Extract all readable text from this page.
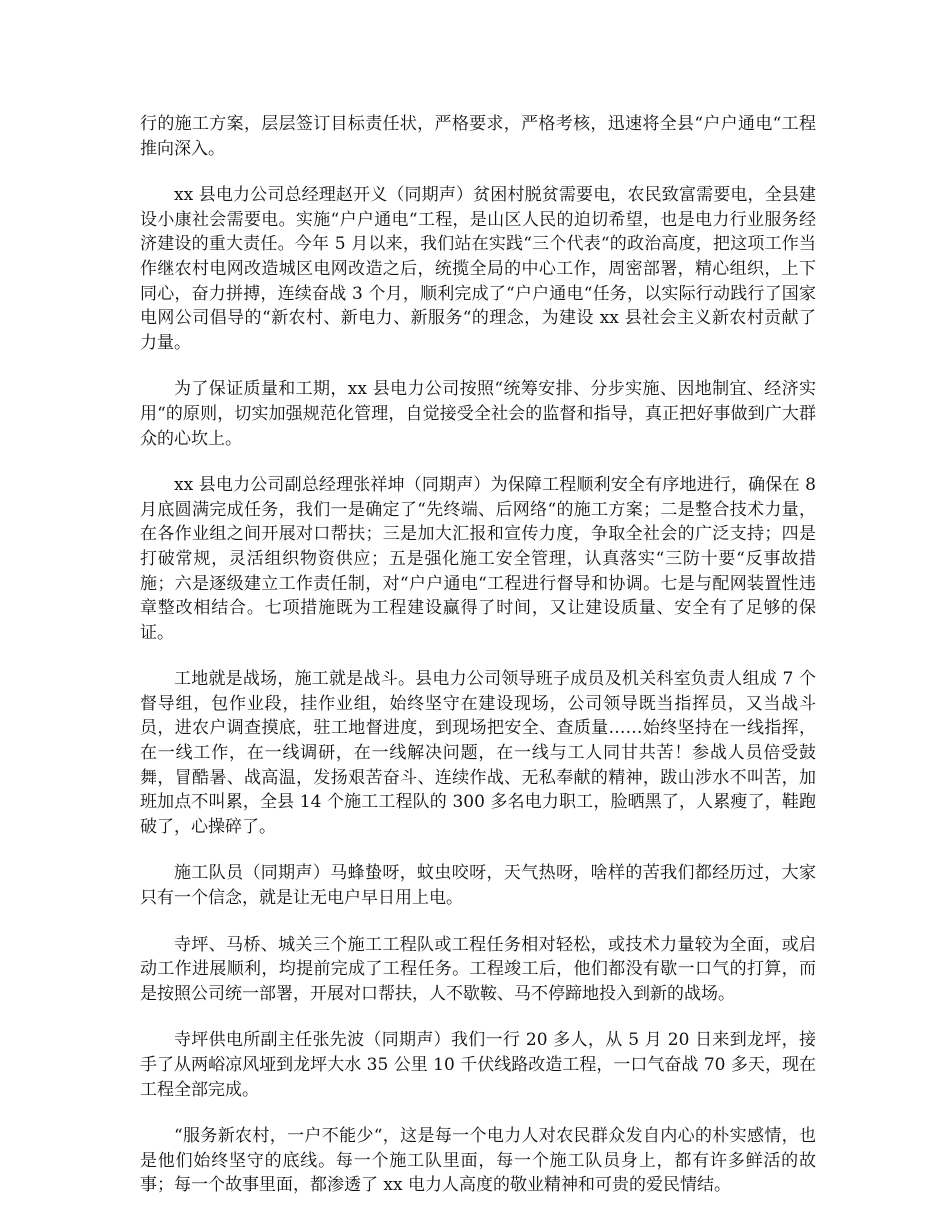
行的施工方案，层层签订目标责任状，严格要求，严格考核，迅速将全县“户户通电“工程推向深入。

xx 县电力公司总经理赵开义（同期声）贫困村脱贫需要电，农民致富需要电，全县建设小康社会需要电。实施“户户通电“工程，是山区人民的迫切希望，也是电力行业服务经济建设的重大责任。今年 5 月以来，我们站在实践“三个代表“的政治高度，把这项工作当作继农村电网改造城区电网改造之后，统揽全局的中心工作，周密部署，精心组织，上下同心，奋力拼搏，连续奋战 3 个月，顺利完成了“户户通电“任务，以实际行动践行了国家电网公司倡导的“新农村、新电力、新服务“的理念，为建设 xx 县社会主义新农村贡献了力量。

为了保证质量和工期，xx 县电力公司按照“统筹安排、分步实施、因地制宜、经济实用“的原则，切实加强规范化管理，自觉接受全社会的监督和指导，真正把好事做到广大群众的心坎上。

xx 县电力公司副总经理张祥坤（同期声）为保障工程顺利安全有序地进行，确保在 8 月底圆满完成任务，我们一是确定了“先终端、后网络“的施工方案；二是整合技术力量，在各作业组之间开展对口帮扶；三是加大汇报和宣传力度，争取全社会的广泛支持；四是打破常规，灵活组织物资供应；五是强化施工安全管理，认真落实“三防十要“反事故措施；六是逐级建立工作责任制，对“户户通电“工程进行督导和协调。七是与配网装置性违章整改相结合。七项措施既为工程建设赢得了时间，又让建设质量、安全有了足够的保证。

工地就是战场，施工就是战斗。县电力公司领导班子成员及机关科室负责人组成 7 个督导组，包作业段，挂作业组，始终坚守在建设现场，公司领导既当指挥员，又当战斗员，进农户调查摸底，驻工地督进度，到现场把安全、查质量……始终坚持在一线指挥，在一线工作，在一线调研，在一线解决问题，在一线与工人同甘共苦！参战人员倍受鼓舞，冒酷暑、战高温，发扬艰苦奋斗、连续作战、无私奉献的精神，跋山涉水不叫苦，加班加点不叫累，全县 14 个施工工程队的 300 多名电力职工，脸晒黑了，人累瘦了，鞋跑破了，心操碎了。

施工队员（同期声）马蜂蛰呀，蚊虫咬呀，天气热呀，啥样的苦我们都经历过，大家只有一个信念，就是让无电户早日用上电。

寺坪、马桥、城关三个施工工程队或工程任务相对轻松，或技术力量较为全面，或启动工作进展顺利，均提前完成了工程任务。工程竣工后，他们都没有歇一口气的打算，而是按照公司统一部署，开展对口帮扶，人不歇鞍、马不停蹄地投入到新的战场。

寺坪供电所副主任张先波（同期声）我们一行 20 多人，从 5 月 20 日来到龙坪，接手了从两峪凉风垭到龙坪大水 35 公里 10 千伏线路改造工程，一口气奋战 70 多天，现在工程全部完成。

“服务新农村，一户不能少“，这是每一个电力人对农民群众发自内心的朴实感情，也是他们始终坚守的底线。每一个施工队里面，每一个施工队员身上，都有许多鲜活的故事；每一个故事里面，都渗透了 xx 电力人高度的敬业精神和可贵的爱民情结。
